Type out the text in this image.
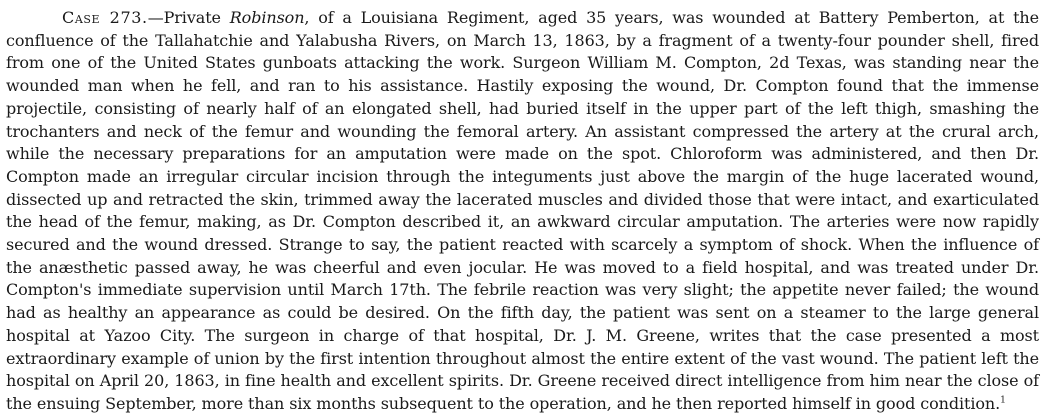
Case 273.—Private Robinson, of a Louisiana Regiment, aged 35 years, was wounded at Battery Pemberton, at the confluence of the Tallahatchie and Yalabusha Rivers, on March 13, 1863, by a fragment of a twenty-four pounder shell, fired from one of the United States gunboats attacking the work. Surgeon William M. Compton, 2d Texas, was standing near the wounded man when he fell, and ran to his assistance. Hastily exposing the wound, Dr. Compton found that the immense projectile, consisting of nearly half of an elongated shell, had buried itself in the upper part of the left thigh, smashing the trochanters and neck of the femur and wounding the femoral artery. An assistant compressed the artery at the crural arch, while the necessary preparations for an amputation were made on the spot. Chloroform was administered, and then Dr. Compton made an irregular circular incision through the integuments just above the margin of the huge lacerated wound, dissected up and retracted the skin, trimmed away the lacerated muscles and divided those that were intact, and exarticulated the head of the femur, making, as Dr. Compton described it, an awkward circular amputation. The arteries were now rapidly secured and the wound dressed. Strange to say, the patient reacted with scarcely a symptom of shock. When the influence of the anæsthetic passed away, he was cheerful and even jocular. He was moved to a field hospital, and was treated under Dr. Compton's immediate supervision until March 17th. The febrile reaction was very slight; the appetite never failed; the wound had as healthy an appearance as could be desired. On the fifth day, the patient was sent on a steamer to the large general hospital at Yazoo City. The surgeon in charge of that hospital, Dr. J. M. Greene, writes that the case presented a most extraordinary example of union by the first intention throughout almost the entire extent of the vast wound. The patient left the hospital on April 20, 1863, in fine health and excellent spirits. Dr. Greene received direct intelligence from him near the close of the ensuing September, more than six months subsequent to the operation, and he then reported himself in good condition.$^1$
